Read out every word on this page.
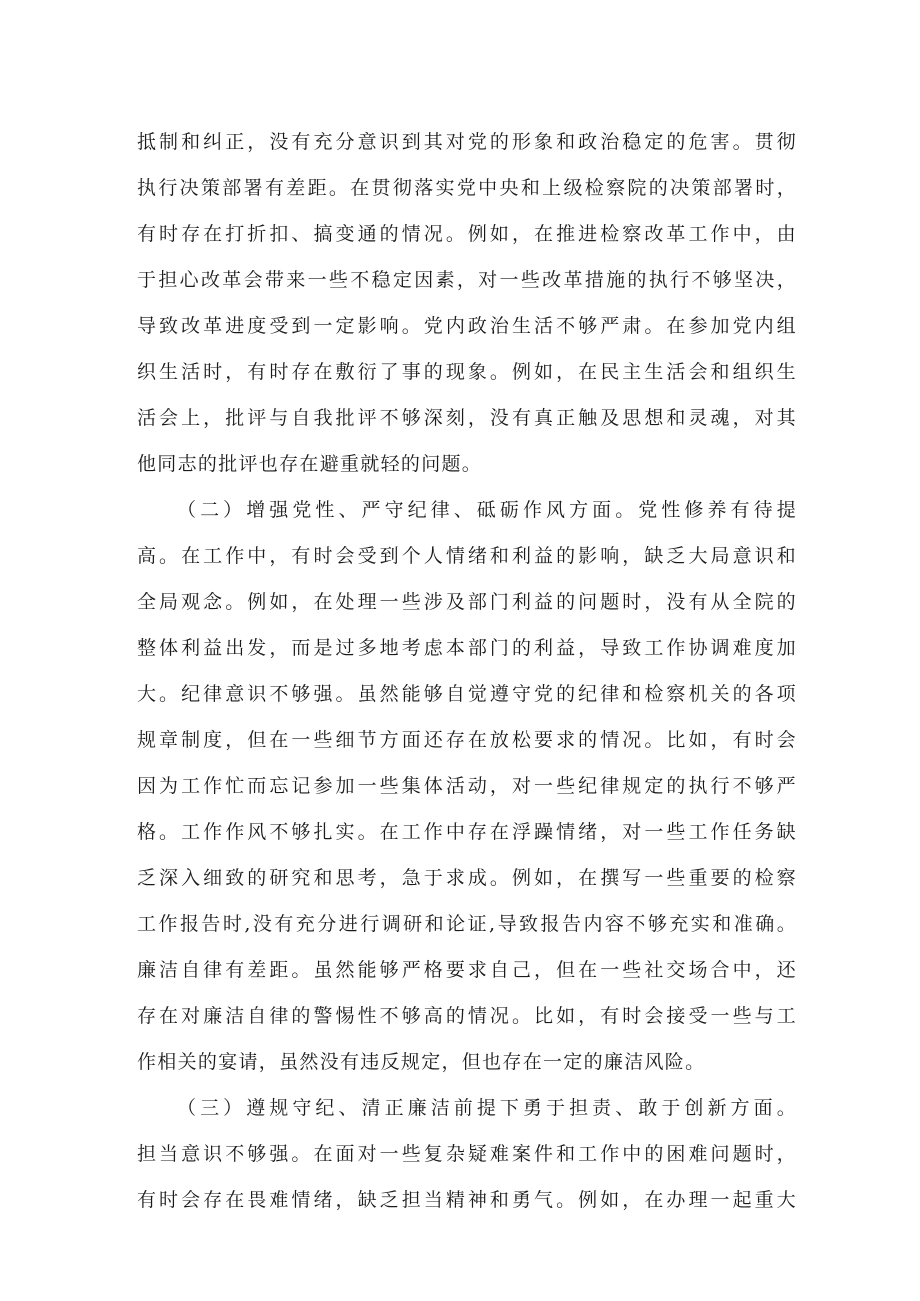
抵制和纠正，没有充分意识到其对党的形象和政治稳定的危害。贯彻
执行决策部署有差距。在贯彻落实党中央和上级检察院的决策部署时，
有时存在打折扣、搞变通的情况。例如，在推进检察改革工作中，由
于担心改革会带来一些不稳定因素，对一些改革措施的执行不够坚决，
导致改革进度受到一定影响。党内政治生活不够严肃。在参加党内组
织生活时，有时存在敷衍了事的现象。例如，在民主生活会和组织生
活会上，批评与自我批评不够深刻，没有真正触及思想和灵魂，对其
他同志的批评也存在避重就轻的问题。
（二）增强党性、严守纪律、砥砺作风方面。党性修养有待提
高。在工作中，有时会受到个人情绪和利益的影响，缺乏大局意识和
全局观念。例如，在处理一些涉及部门利益的问题时，没有从全院的
整体利益出发，而是过多地考虑本部门的利益，导致工作协调难度加
大。纪律意识不够强。虽然能够自觉遵守党的纪律和检察机关的各项
规章制度，但在一些细节方面还存在放松要求的情况。比如，有时会
因为工作忙而忘记参加一些集体活动，对一些纪律规定的执行不够严
格。工作作风不够扎实。在工作中存在浮躁情绪，对一些工作任务缺
乏深入细致的研究和思考，急于求成。例如，在撰写一些重要的检察
工作报告时,没有充分进行调研和论证,导致报告内容不够充实和准确。
廉洁自律有差距。虽然能够严格要求自己，但在一些社交场合中，还
存在对廉洁自律的警惕性不够高的情况。比如，有时会接受一些与工
作相关的宴请，虽然没有违反规定，但也存在一定的廉洁风险。
（三）遵规守纪、清正廉洁前提下勇于担责、敢于创新方面。
担当意识不够强。在面对一些复杂疑难案件和工作中的困难问题时，
有时会存在畏难情绪，缺乏担当精神和勇气。例如，在办理一起重大
